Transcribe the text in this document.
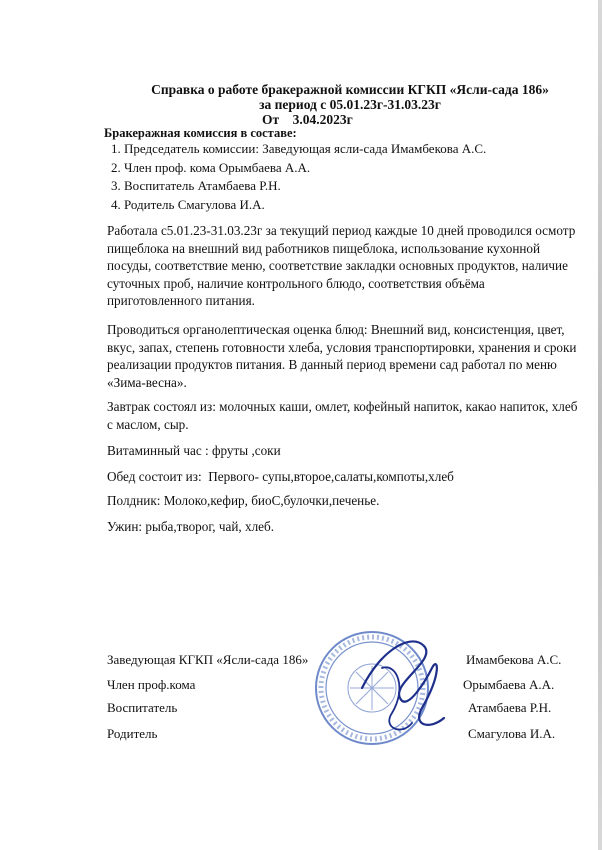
Справка о работе бракеражной комиссии КГКП «Ясли-сада 186»
за период с 05.01.23г-31.03.23г
От    3.04.2023г
Бракеражная комиссия в составе:
1. Председатель комиссии: Заведующая ясли-сада Имамбекова А.С.
2. Член проф. кома Орымбаева А.А.
3. Воспитатель Атамбаева Р.Н.
4. Родитель Смагулова И.А.
Работала с5.01.23-31.03.23г за текущий период каждые 10 дней проводился осмотр пищеблока на внешний вид работников пищеблока, использование кухонной посуды, соответствие меню, соответствие закладки основных продуктов, наличие суточных проб, наличие контрольного блюдо, соответствия объёма приготовленного питания.
Проводиться органолептическая оценка блюд: Внешний вид, консистенция, цвет, вкус, запах, степень готовности хлеба, условия транспортировки, хранения и сроки реализации продуктов питания. В данный период времени сад работал по меню «Зима-весна».
Завтрак состоял из: молочных каши, омлет, кофейный напиток, какао напиток, хлеб с маслом, сыр.
Витаминный час : фруты ,соки
Обед состоит из:  Первого- супы,второе,салаты,компоты,хлеб
Полдник: Молоко,кефир, биоС,булочки,печенье.
Ужин: рыба,творог, чай, хлеб.
Заведующая КГКП «Ясли-сада 186»
Член проф.кома
Воспитатель
Родитель
Имамбекова А.С.
Орымбаева А.А.
Атамбаева Р.Н.
Смагулова И.А.
